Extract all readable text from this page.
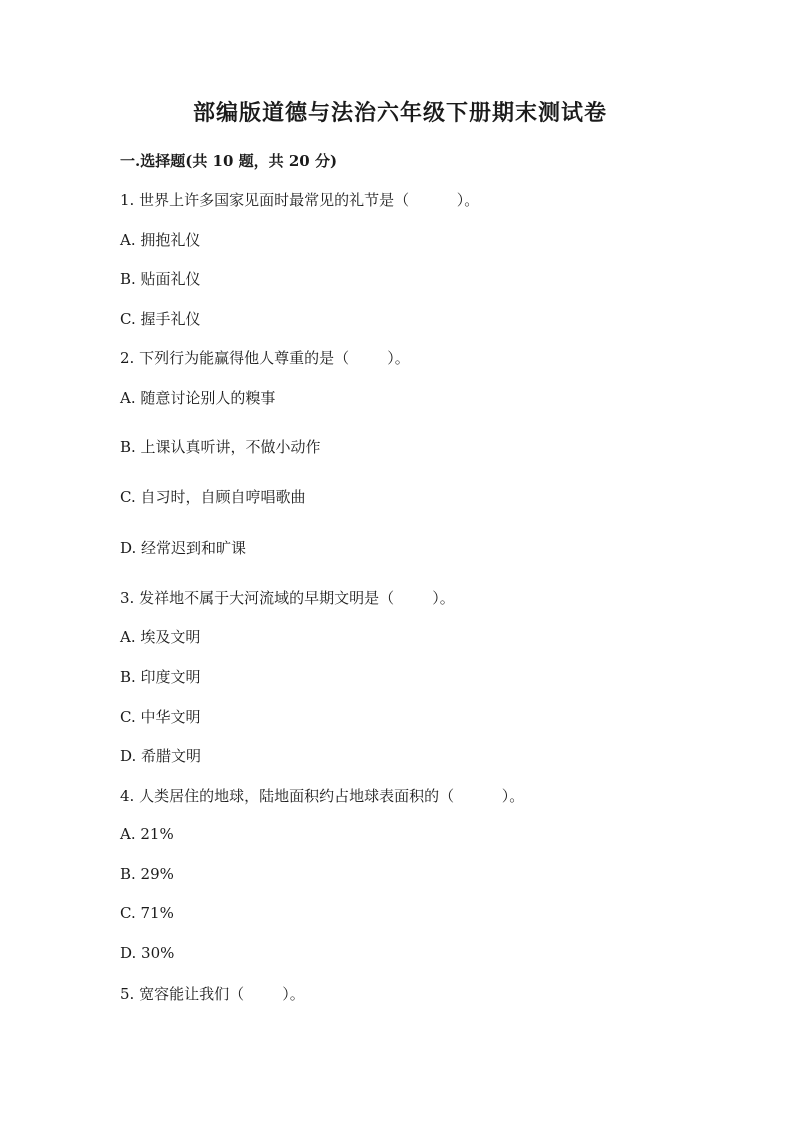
部编版道德与法治六年级下册期末测试卷
一.选择题(共 10 题，共 20 分)
1. 世界上许多国家见面时最常见的礼节是（          ）。
A. 拥抱礼仪
B. 贴面礼仪
C. 握手礼仪
2. 下列行为能赢得他人尊重的是（        ）。
A. 随意讨论别人的糗事
B. 上课认真听讲，不做小动作
C. 自习时，自顾自哼唱歌曲
D. 经常迟到和旷课
3. 发祥地不属于大河流域的早期文明是（        ）。
A. 埃及文明
B. 印度文明
C. 中华文明
D. 希腊文明
4. 人类居住的地球，陆地面积约占地球表面积的（          ）。
A. 21%
B. 29%
C. 71%
D. 30%
5. 宽容能让我们（        ）。
